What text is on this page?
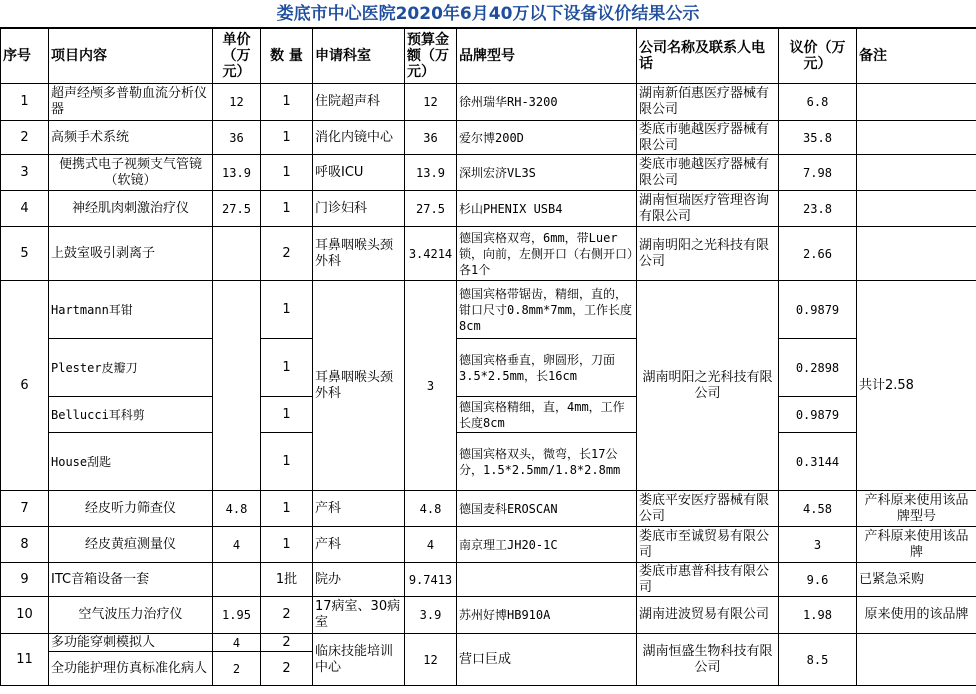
娄底市中心医院2020年6月40万以下设备议价结果公示
序号	项目内容	单价（万元）	数 量	申请科室	预算金额（万元）	品牌型号	公司名称及联系人电话	议价（万元）	备注
1	超声经颅多普勒血流分析仪器	12	1	住院超声科	12	徐州瑞华RH-3200	湖南新佰惠医疗器械有限公司	6.8	
2	高频手术系统	36	1	消化内镜中心	36	爱尔博200D	娄底市驰越医疗器械有限公司	35.8	
3	便携式电子视频支气管镜（软镜）	13.9	1	呼吸ICU	13.9	深圳宏济VL3S	娄底市驰越医疗器械有限公司	7.98	
4	神经肌肉刺激治疗仪	27.5	1	门诊妇科	27.5	杉山PHENIX USB4	湖南恒瑞医疗管理咨询有限公司	23.8	
5	上鼓室吸引剥离子		2	耳鼻咽喉头颈外科	3.4214	德国宾格双弯，6mm，带Luer锁，向前，左侧开口（右侧开口）各1个	湖南明阳之光科技有限公司	2.66	
6	Hartmann耳钳		1	耳鼻咽喉头颈外科	3	德国宾格带锯齿，精细，直的，钳口尺寸0.8mm*7mm，工作长度8cm	湖南明阳之光科技有限公司	0.9879	共计2.58
	Plester皮瓣刀		1			德国宾格垂直，卵圆形，刀面3.5*2.5mm，长16cm		0.2898	
	Bellucci耳科剪		1			德国宾格精细，直，4mm，工作长度8cm		0.9879	
	House刮匙		1			德国宾格双头，微弯，长17公分，1.5*2.5mm/1.8*2.8mm		0.3144	
7	经皮听力筛查仪	4.8	1	产科	4.8	德国麦科EROSCAN	娄底平安医疗器械有限公司	4.58	产科原来使用该品牌型号
8	经皮黄疸测量仪	4	1	产科	4	南京理工JH20-1C	娄底市至诚贸易有限公司	3	产科原来使用该品牌
9	ITC音箱设备一套		1批	院办	9.7413		娄底市惠普科技有限公司	9.6	已紧急采购
10	空气波压力治疗仪	1.95	2	17病室、30病室	3.9	苏州好博HB910A	湖南进波贸易有限公司	1.98	原来使用的该品牌
11	多功能穿刺模拟人	4	2	临床技能培训中心	12	营口巨成	湖南恒盛生物科技有限公司	8.5	
	全功能护理仿真标准化病人	2	2						
